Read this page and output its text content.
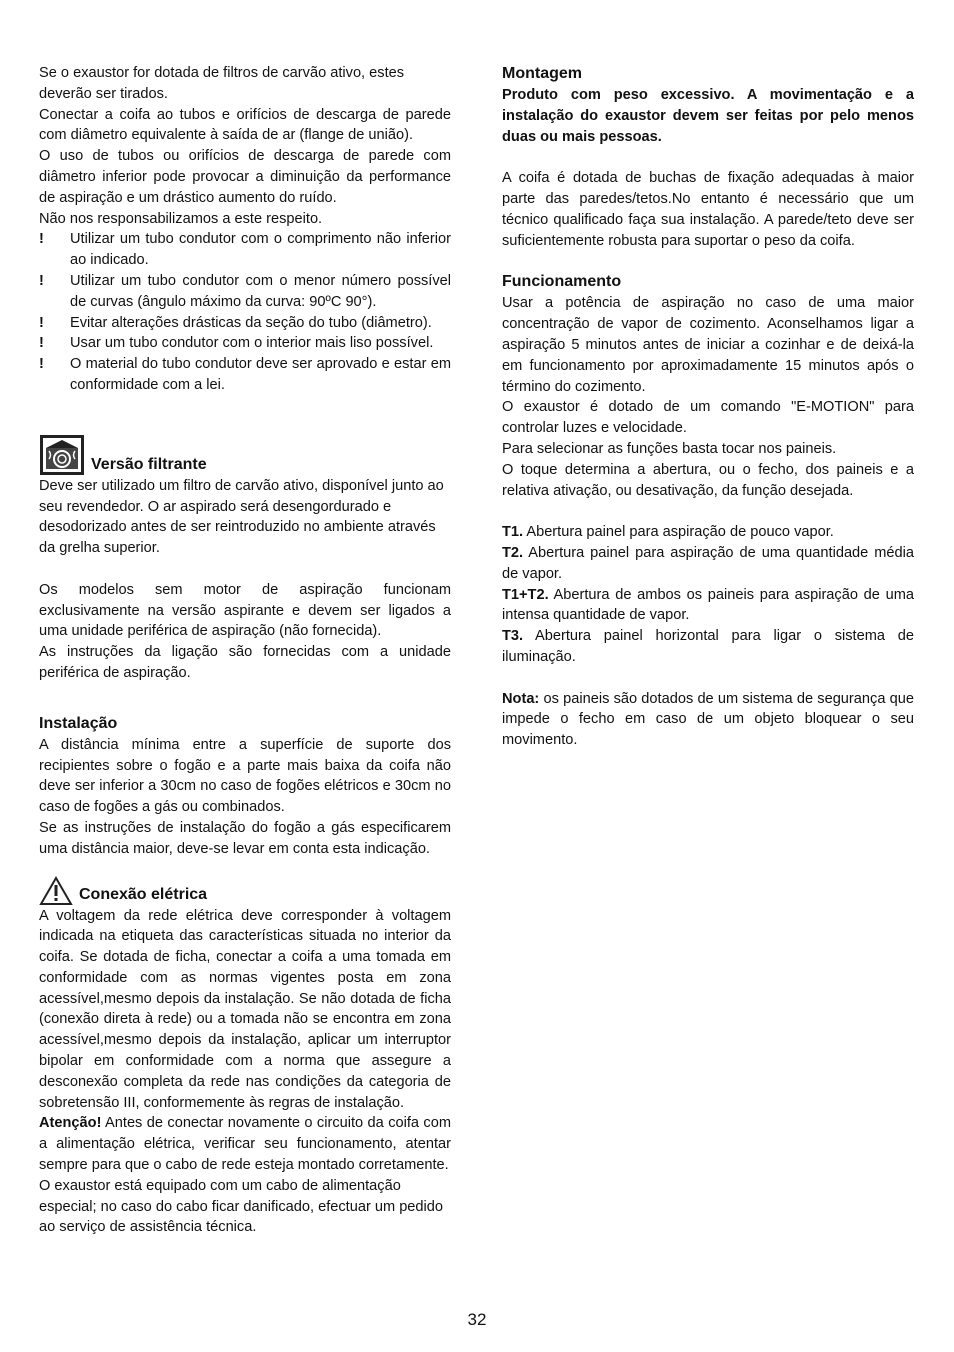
Se o exaustor for dotada de filtros de carvão ativo, estes deverão ser tirados.

Conectar a coifa ao tubos e orifícios de descarga de parede com diâmetro equivalente à saída de ar (flange de união).

O uso de tubos ou orifícios de descarga de parede com diâmetro inferior pode provocar a diminuição da performance de aspiração e um drástico aumento do ruído.

Não nos responsabilizamos a este respeito.

!	Utilizar um tubo condutor com o comprimento não inferior ao indicado.
!	Utilizar um tubo condutor com o menor número possível de curvas (ângulo máximo da curva: 90ºC 90°).
!	Evitar alterações drásticas da seção do tubo (diâmetro).
!	Usar um tubo condutor com o interior mais liso possível.
!	O material do tubo condutor deve ser aprovado e estar em conformidade com a lei.
Versão filtrante

Deve ser utilizado um filtro de carvão ativo, disponível junto ao seu revendedor. O ar aspirado será desengordurado e desodorizado antes de ser reintroduzido no ambiente através da grelha superior.

Os modelos sem motor de aspiração funcionam exclusivamente na versão aspirante e devem ser ligados a uma unidade periférica de aspiração (não fornecida).

As instruções da ligação são fornecidas com a unidade periférica de aspiração.

Instalação

A distância mínima entre a superfície de suporte dos recipientes sobre o fogão e a parte mais baixa da coifa não deve ser inferior a 30cm no caso de fogões elétricos e 30cm no caso de fogões a gás ou combinados.

Se as instruções de instalação do fogão a gás especificarem uma distância maior, deve-se levar em conta esta indicação.

Conexão elétrica

A voltagem da rede elétrica deve corresponder à voltagem indicada na etiqueta das características situada no interior da coifa. Se dotada de ficha, conectar a coifa a uma tomada em conformidade com as normas vigentes posta em zona acessível,mesmo depois da instalação. Se não dotada de ficha (conexão direta à rede) ou a tomada não se encontra em zona acessível,mesmo depois da instalação, aplicar um interruptor bipolar em conformidade com a norma que assegure a desconexão completa da rede nas condições da categoria de sobretensão III, conformemente às regras de instalação.

Atenção! Antes de conectar novamente o circuito da coifa com a alimentação elétrica, verificar seu funcionamento, atentar sempre para que o cabo de rede esteja montado corretamente.

O exaustor está equipado com um cabo de alimentação especial; no caso do cabo ficar danificado, efectuar um pedido ao serviço de assistência técnica.

Montagem

Produto com peso excessivo. A movimentação e a instalação do exaustor devem ser feitas por pelo menos duas ou mais pessoas.

A coifa é dotada de buchas de fixação adequadas à maior parte das paredes/tetos.No entanto é necessário que um técnico qualificado faça sua instalação. A parede/teto deve ser suficientemente robusta para suportar o peso da coifa.

Funcionamento

Usar a potência de aspiração no caso de uma maior concentração de vapor de cozimento. Aconselhamos ligar a aspiração 5 minutos antes de iniciar a cozinhar e de deixá-la em funcionamento por aproximadamente 15 minutos após o término do cozimento.

O exaustor é dotado de um comando "E-MOTION" para controlar luzes e velocidade.

Para selecionar as funções basta tocar nos paineis.

O toque determina a abertura, ou o fecho, dos paineis e a relativa ativação, ou desativação, da função desejada.

T1. Abertura painel para aspiração de pouco vapor.

T2. Abertura painel para aspiração de uma quantidade média de vapor.

T1+T2. Abertura de ambos os paineis para aspiração de uma intensa quantidade de vapor.

T3. Abertura painel horizontal para ligar o sistema de iluminação.

Nota: os paineis são dotados de um sistema de segurança que impede o fecho em caso de um objeto bloquear o seu movimento.

32
